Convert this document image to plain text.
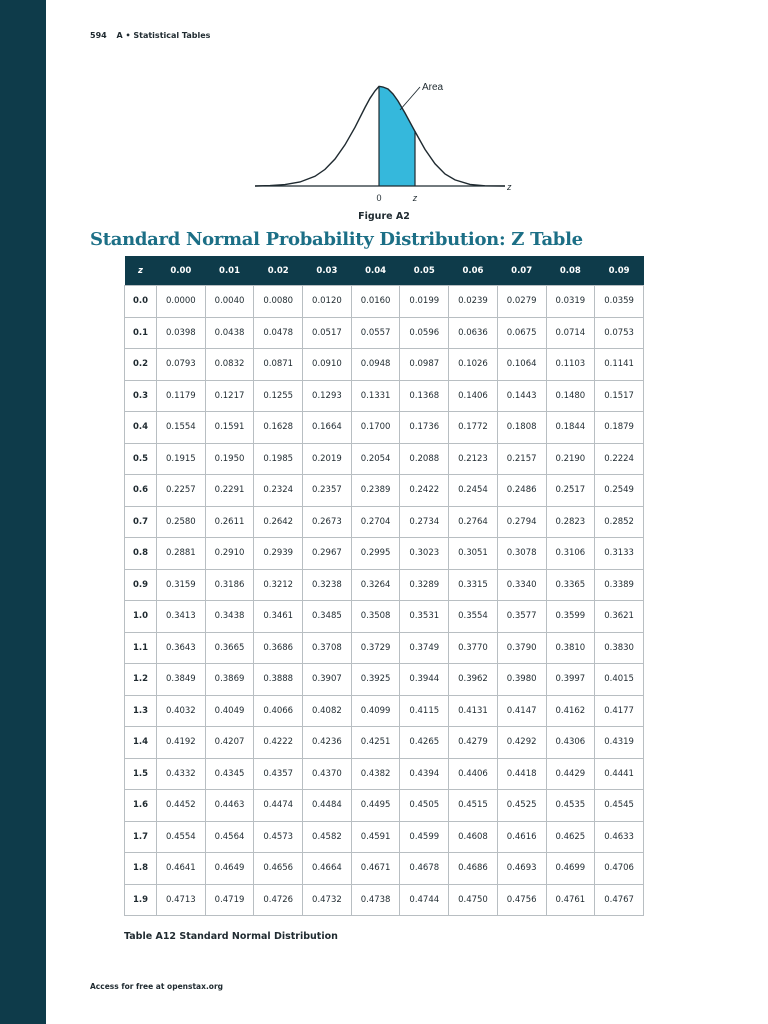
594 A • Statistical Tables
Area
0	z
z
Figure A2
Standard Normal Probability Distribution: Z Table
z	0.00	0.01	0.02	0.03	0.04	0.05	0.06	0.07	0.08	0.09
0.0	0.0000	0.0040	0.0080	0.0120	0.0160	0.0199	0.0239	0.0279	0.0319	0.0359
0.1	0.0398	0.0438	0.0478	0.0517	0.0557	0.0596	0.0636	0.0675	0.0714	0.0753
0.2	0.0793	0.0832	0.0871	0.0910	0.0948	0.0987	0.1026	0.1064	0.1103	0.1141
0.3	0.1179	0.1217	0.1255	0.1293	0.1331	0.1368	0.1406	0.1443	0.1480	0.1517
0.4	0.1554	0.1591	0.1628	0.1664	0.1700	0.1736	0.1772	0.1808	0.1844	0.1879
0.5	0.1915	0.1950	0.1985	0.2019	0.2054	0.2088	0.2123	0.2157	0.2190	0.2224
0.6	0.2257	0.2291	0.2324	0.2357	0.2389	0.2422	0.2454	0.2486	0.2517	0.2549
0.7	0.2580	0.2611	0.2642	0.2673	0.2704	0.2734	0.2764	0.2794	0.2823	0.2852
0.8	0.2881	0.2910	0.2939	0.2967	0.2995	0.3023	0.3051	0.3078	0.3106	0.3133
0.9	0.3159	0.3186	0.3212	0.3238	0.3264	0.3289	0.3315	0.3340	0.3365	0.3389
1.0	0.3413	0.3438	0.3461	0.3485	0.3508	0.3531	0.3554	0.3577	0.3599	0.3621
1.1	0.3643	0.3665	0.3686	0.3708	0.3729	0.3749	0.3770	0.3790	0.3810	0.3830
1.2	0.3849	0.3869	0.3888	0.3907	0.3925	0.3944	0.3962	0.3980	0.3997	0.4015
1.3	0.4032	0.4049	0.4066	0.4082	0.4099	0.4115	0.4131	0.4147	0.4162	0.4177
1.4	0.4192	0.4207	0.4222	0.4236	0.4251	0.4265	0.4279	0.4292	0.4306	0.4319
1.5	0.4332	0.4345	0.4357	0.4370	0.4382	0.4394	0.4406	0.4418	0.4429	0.4441
1.6	0.4452	0.4463	0.4474	0.4484	0.4495	0.4505	0.4515	0.4525	0.4535	0.4545
1.7	0.4554	0.4564	0.4573	0.4582	0.4591	0.4599	0.4608	0.4616	0.4625	0.4633
1.8	0.4641	0.4649	0.4656	0.4664	0.4671	0.4678	0.4686	0.4693	0.4699	0.4706
1.9	0.4713	0.4719	0.4726	0.4732	0.4738	0.4744	0.4750	0.4756	0.4761	0.4767
Table A12 Standard Normal Distribution
Access for free at openstax.org
